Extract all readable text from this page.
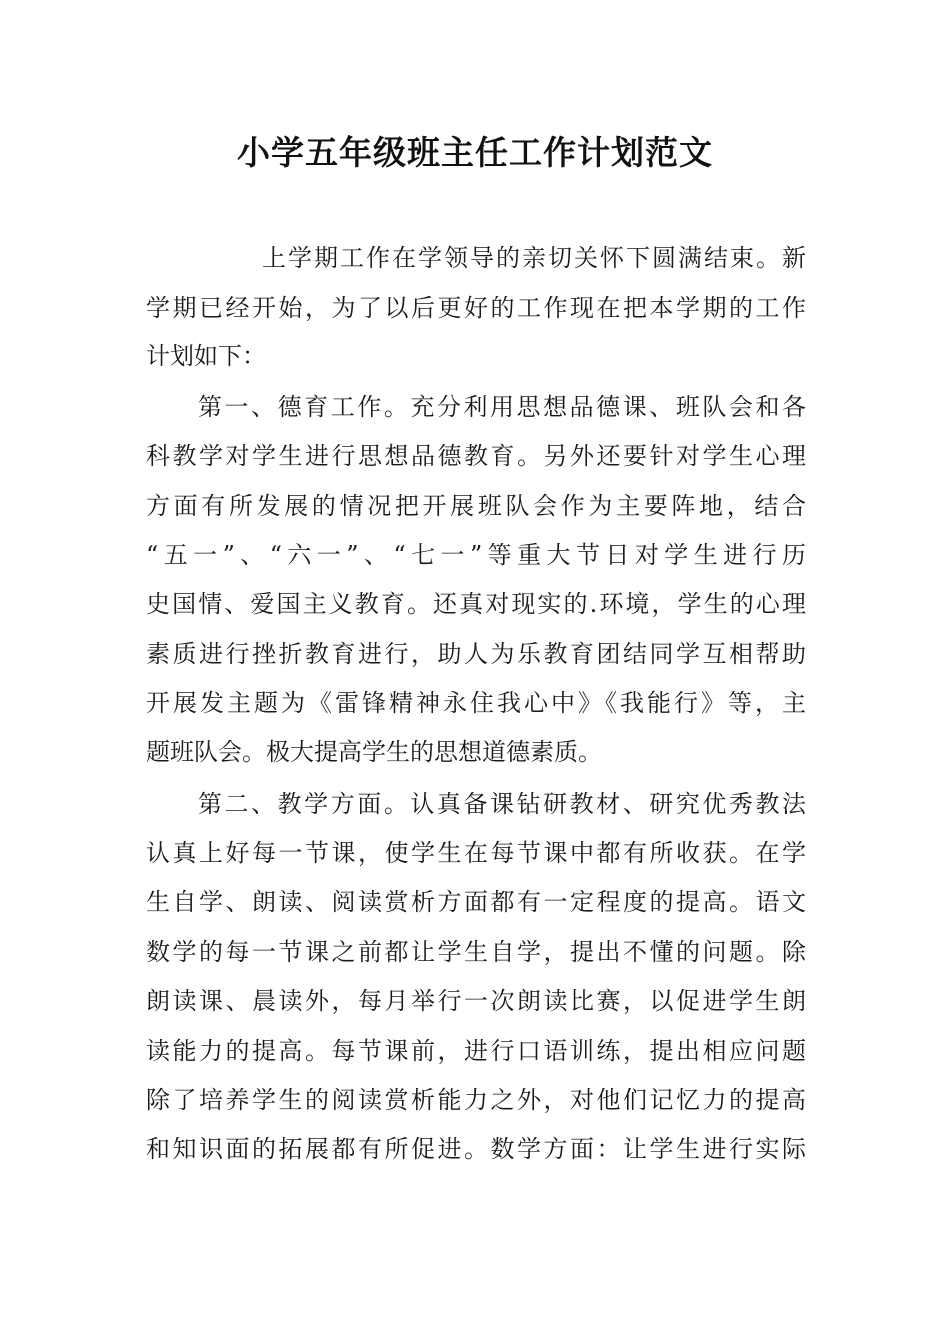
小学五年级班主任工作计划范文
上学期工作在学领导的亲切关怀下圆满结束。新
学期已经开始，为了以后更好的工作现在把本学期的工作
计划如下：
第一、德育工作。充分利用思想品德课、班队会和各
科教学对学生进行思想品德教育。另外还要针对学生心理
方面有所发展的情况把开展班队会作为主要阵地，结合
“五一”、“六一”、“七一”等重大节日对学生进行历
史国情、爱国主义教育。还真对现实的.环境，学生的心理
素质进行挫折教育进行，助人为乐教育团结同学互相帮助
开展发主题为《雷锋精神永住我心中》《我能行》等，主
题班队会。极大提高学生的思想道德素质。
第二、教学方面。认真备课钻研教材、研究优秀教法
认真上好每一节课，使学生在每节课中都有所收获。在学
生自学、朗读、阅读赏析方面都有一定程度的提高。语文
数学的每一节课之前都让学生自学，提出不懂的问题。除
朗读课、晨读外，每月举行一次朗读比赛，以促进学生朗
读能力的提高。每节课前，进行口语训练，提出相应问题
除了培养学生的阅读赏析能力之外，对他们记忆力的提高
和知识面的拓展都有所促进。数学方面：让学生进行实际
